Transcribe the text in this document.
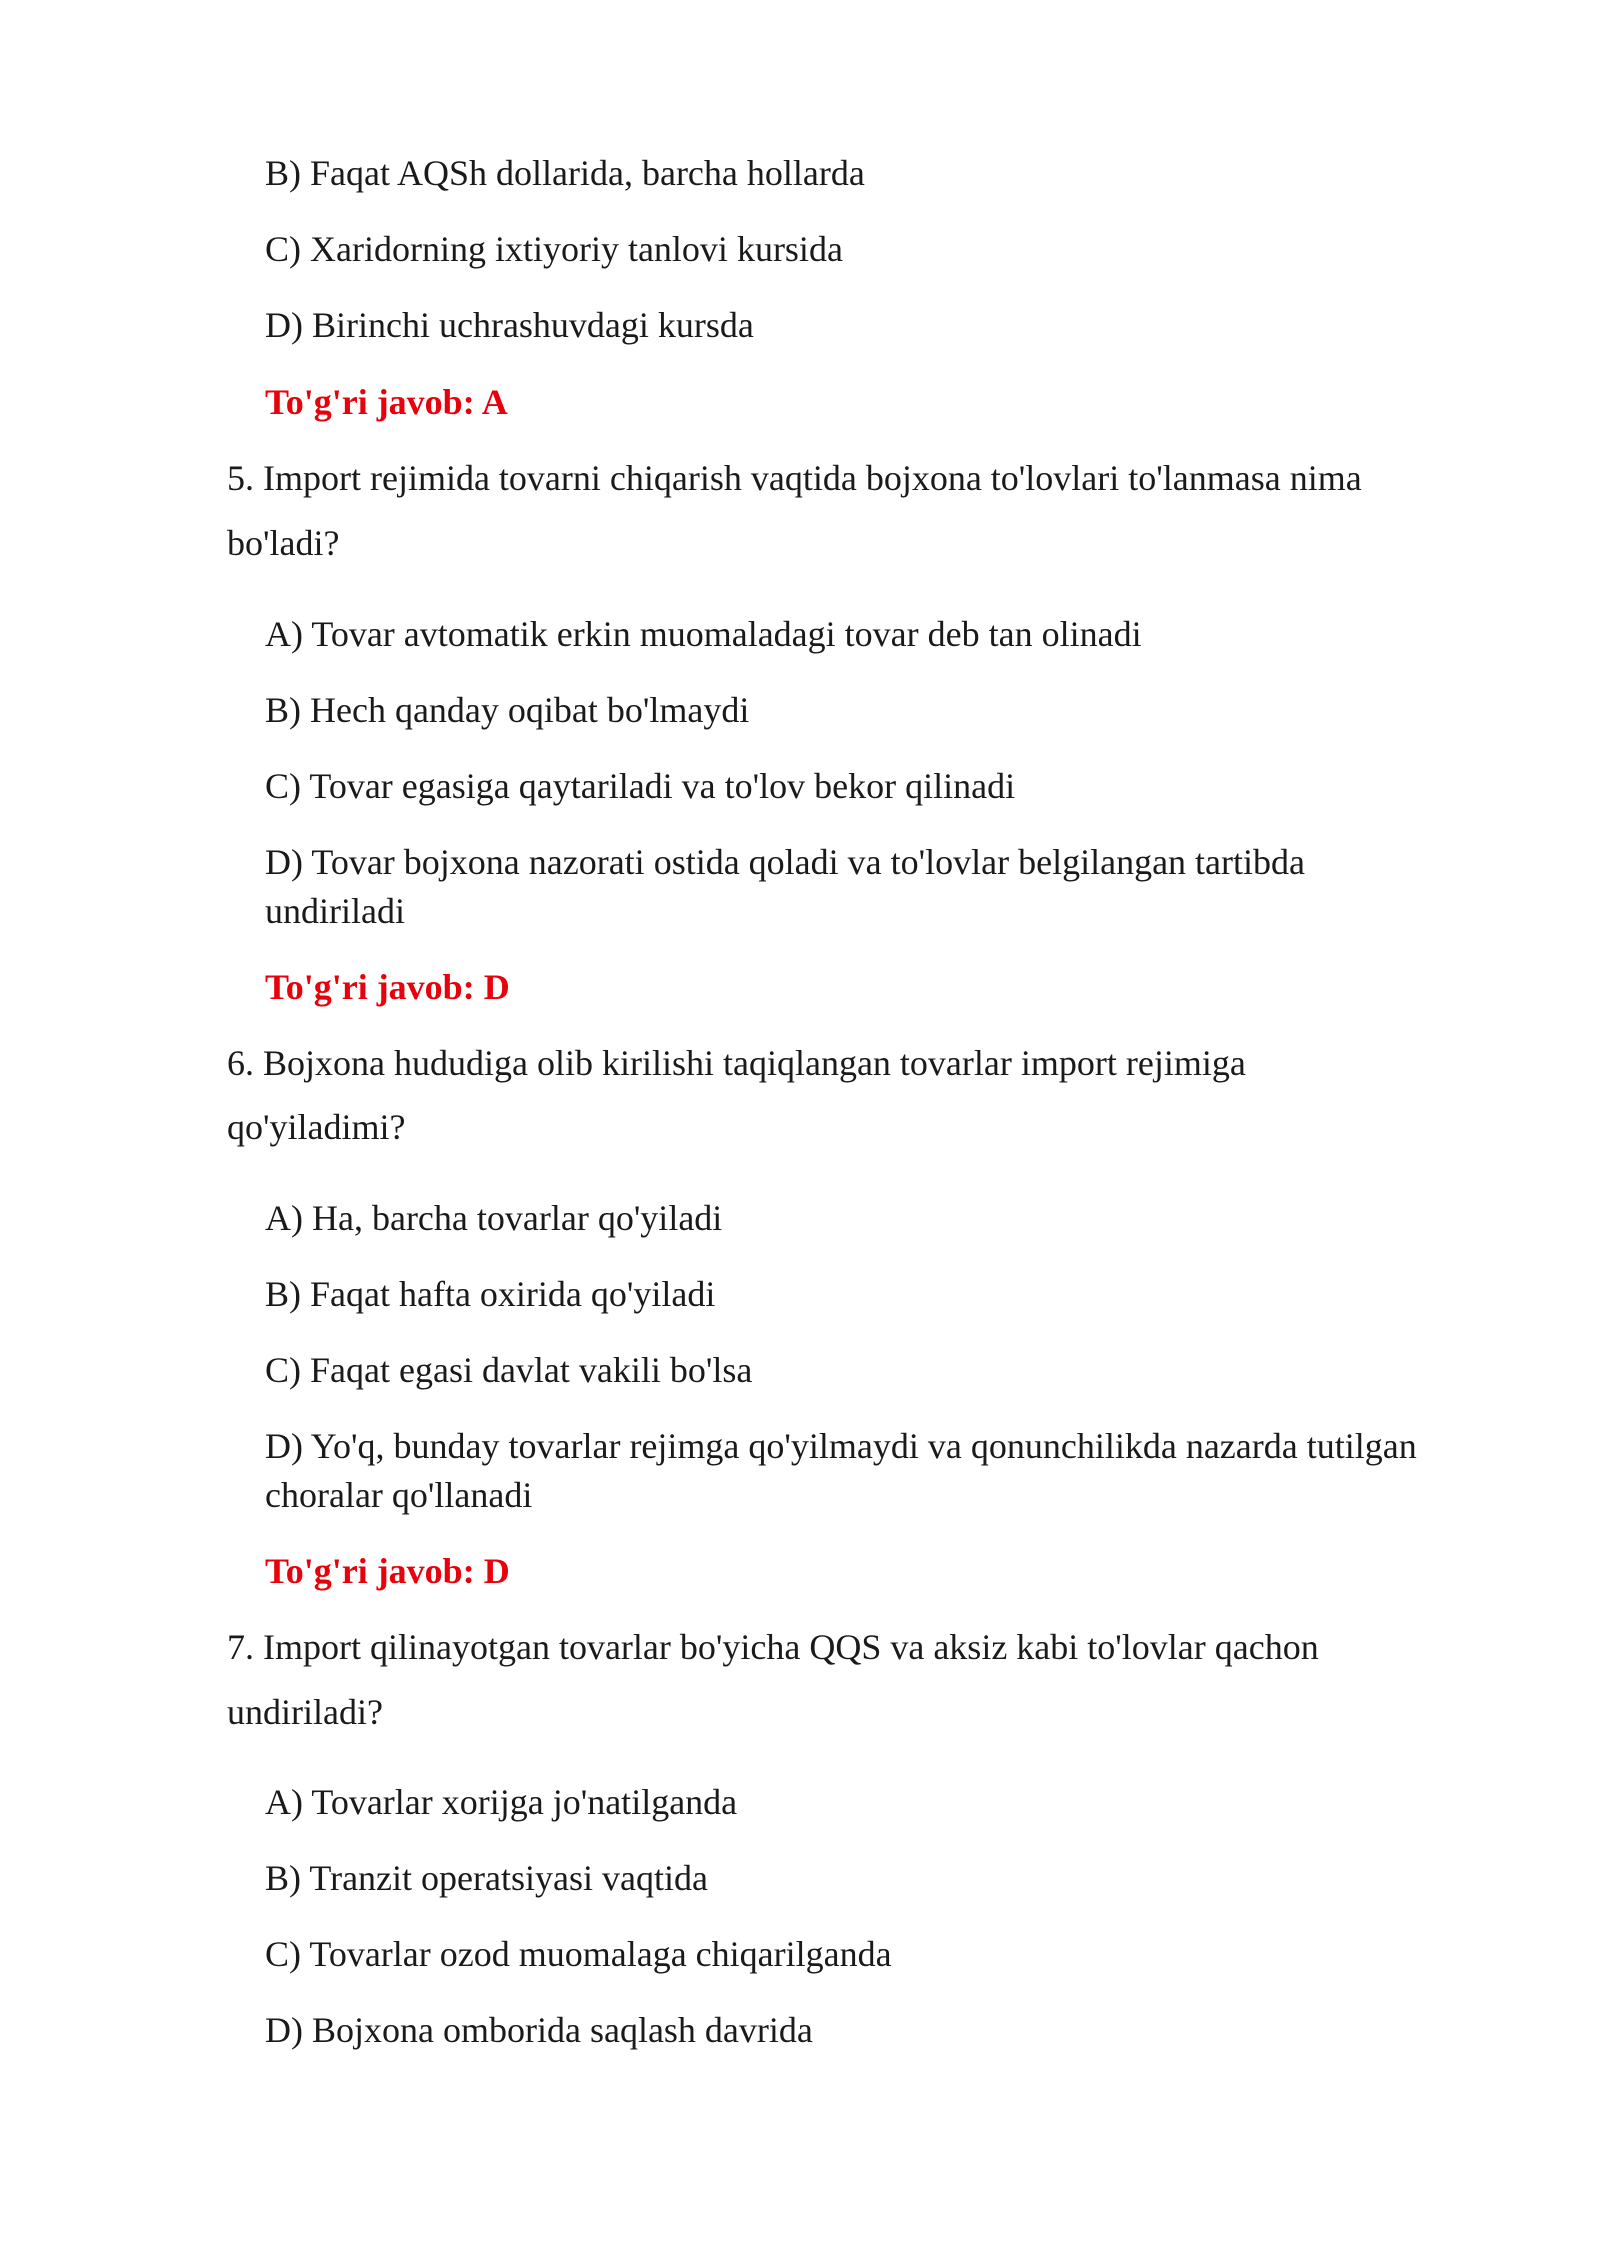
B) Faqat AQSh dollarida, barcha hollarda
C) Xaridorning ixtiyoriy tanlovi kursida
D) Birinchi uchrashuvdagi kursda
To'g'ri javob: A
5. Import rejimida tovarni chiqarish vaqtida bojxona to'lovlari to'lanmasa nima
bo'ladi?
A) Tovar avtomatik erkin muomaladagi tovar deb tan olinadi
B) Hech qanday oqibat bo'lmaydi
C) Tovar egasiga qaytariladi va to'lov bekor qilinadi
D) Tovar bojxona nazorati ostida qoladi va to'lovlar belgilangan tartibda
undiriladi
To'g'ri javob: D
6. Bojxona hududiga olib kirilishi taqiqlangan tovarlar import rejimiga
qo'yiladimi?
A) Ha, barcha tovarlar qo'yiladi
B) Faqat hafta oxirida qo'yiladi
C) Faqat egasi davlat vakili bo'lsa
D) Yo'q, bunday tovarlar rejimga qo'yilmaydi va qonunchilikda nazarda tutilgan
choralar qo'llanadi
To'g'ri javob: D
7. Import qilinayotgan tovarlar bo'yicha QQS va aksiz kabi to'lovlar qachon
undiriladi?
A) Tovarlar xorijga jo'natilganda
B) Tranzit operatsiyasi vaqtida
C) Tovarlar ozod muomalaga chiqarilganda
D) Bojxona omborida saqlash davrida
